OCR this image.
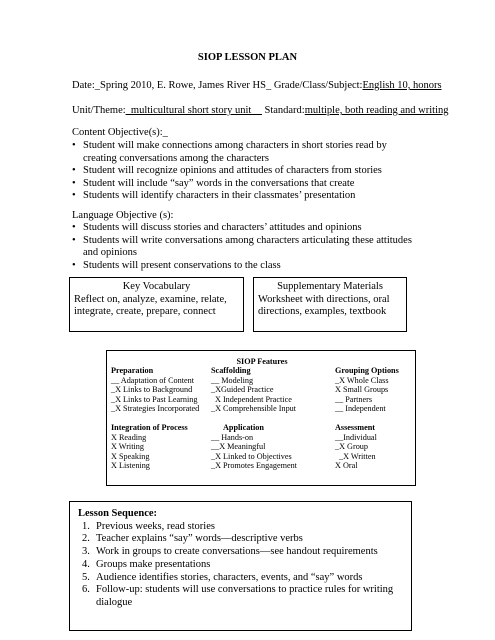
SIOP LESSON PLAN
Date:_Spring 2010, E. Rowe, James River HS_ Grade/Class/Subject:English 10, honors
Unit/Theme:_multicultural short story unit__ Standard:multiple, both reading and writing
Content Objective(s):_
• Student will make connections among characters in short stories read by creating conversations among the characters
• Student will recognize opinions and attitudes of characters from stories
• Student will include “say” words in the conversations that create
• Students will identify characters in their classmates’ presentation
Language Objective (s):
• Students will discuss stories and characters’ attitudes and opinions
• Students will write conversations among characters articulating these attitudes and opinions
• Students will present conservations to the class
Key Vocabulary
Reflect on, analyze, examine, relate, integrate, create, prepare, connect
Supplementary Materials
Worksheet with directions, oral directions, examples, textbook
SIOP Features
Preparation
__ Adaptation of Content
_X Links to Background
_X Links to Past Learning
_X Strategies Incorporated
Scaffolding
__ Modeling
_XGuided Practice
X Independent Practice
_X Comprehensible Input
Grouping Options
_X Whole Class
X Small Groups
__ Partners
__ Independent
Integration of Process
X Reading
X Writing
X Speaking
X Listening
Application
__ Hands-on
__X Meaningful
_X Linked to Objectives
_X Promotes Engagement
Assessment
__Individual
_X Group
_X Written
X Oral
Lesson Sequence:
1. Previous weeks, read stories
2. Teacher explains “say” words—descriptive verbs
3. Work in groups to create conversations—see handout requirements
4. Groups make presentations
5. Audience identifies stories, characters, events, and “say” words
6. Follow-up: students will use conversations to practice rules for writing dialogue
